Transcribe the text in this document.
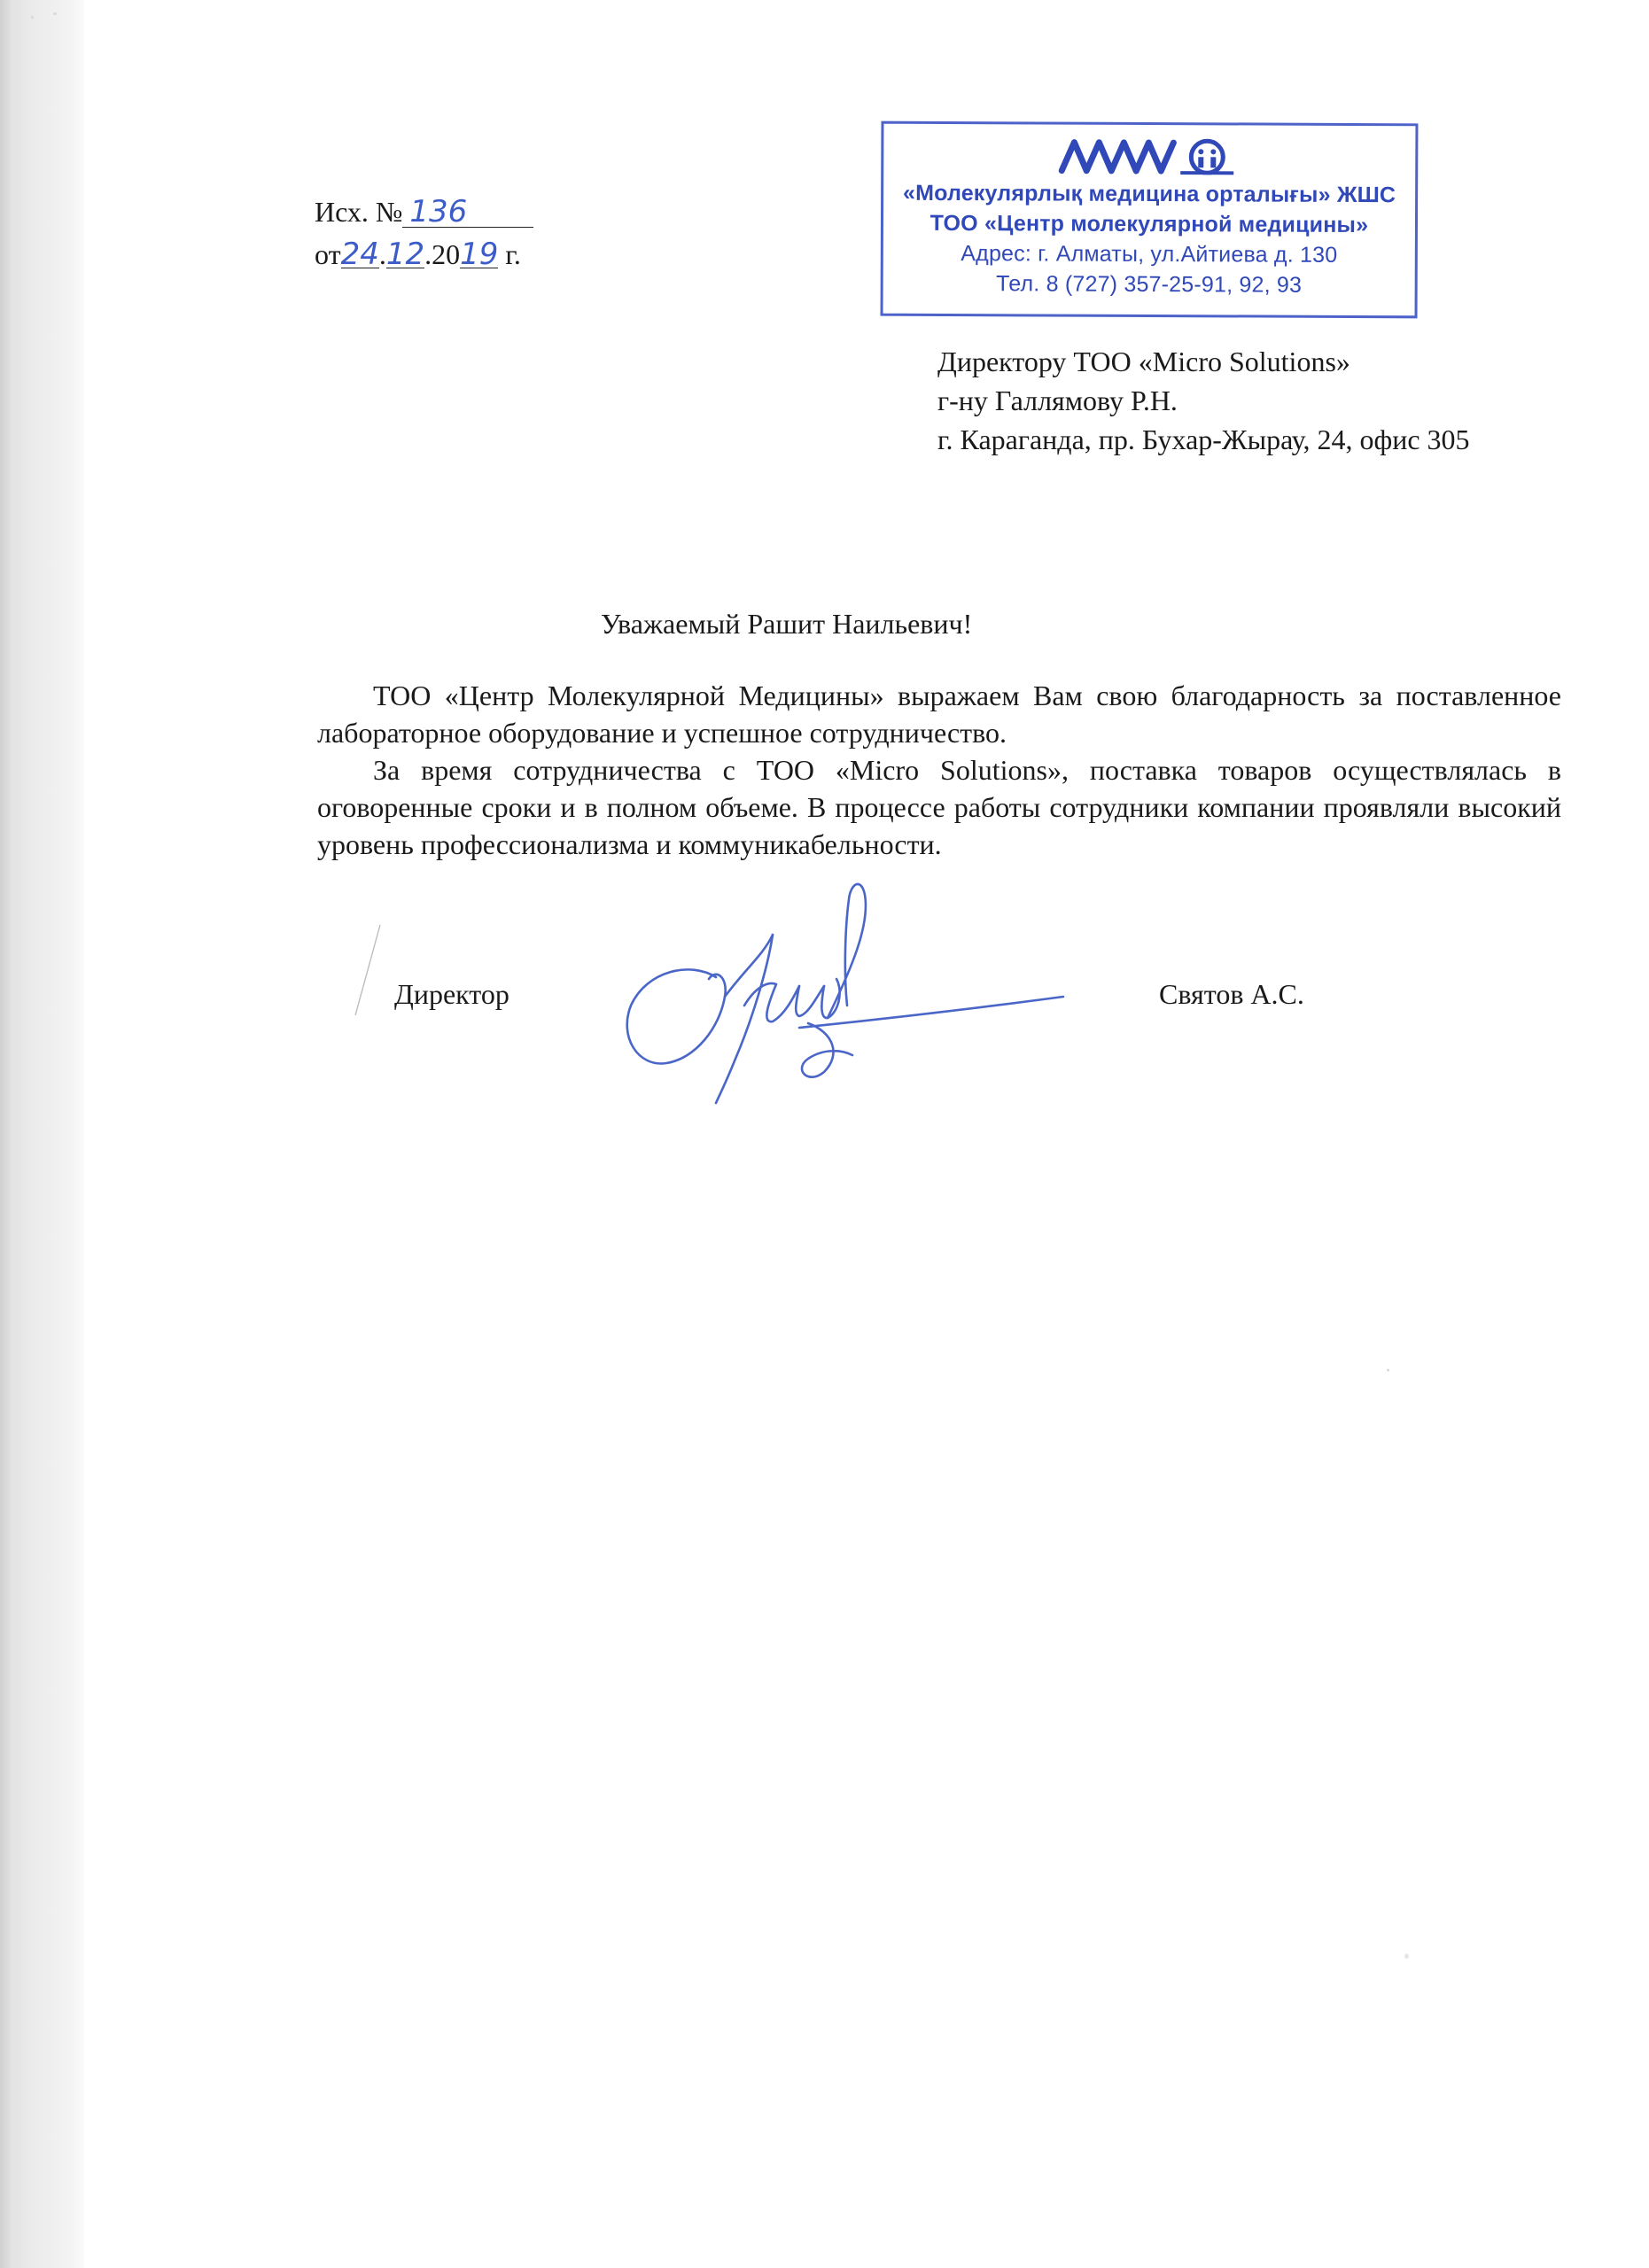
Исх. № 136
от24.12.2019 г.
«Молекулярлық медицина орталығы» ЖШС
ТОО «Центр молекулярной медицины»
Адрес: г. Алматы, ул.Айтиева д. 130
Тел. 8 (727) 357-25-91, 92, 93
Директору ТОО «Micro Solutions»
г-ну Галлямову Р.Н.
г. Караганда, пр. Бухар-Жырау, 24, офис 305
Уважаемый Рашит Наильевич!

ТОО «Центр Молекулярной Медицины» выражаем Вам свою благодарность за поставленное лабораторное оборудование и успешное сотрудничество.

За время сотрудничества с ТОО «Micro Solutions», поставка товаров осуществлялась в оговоренные сроки и в полном объеме. В процессе работы сотрудники компании проявляли высокий уровень профессионализма и коммуникабельности.

Директор	Святов А.С.
